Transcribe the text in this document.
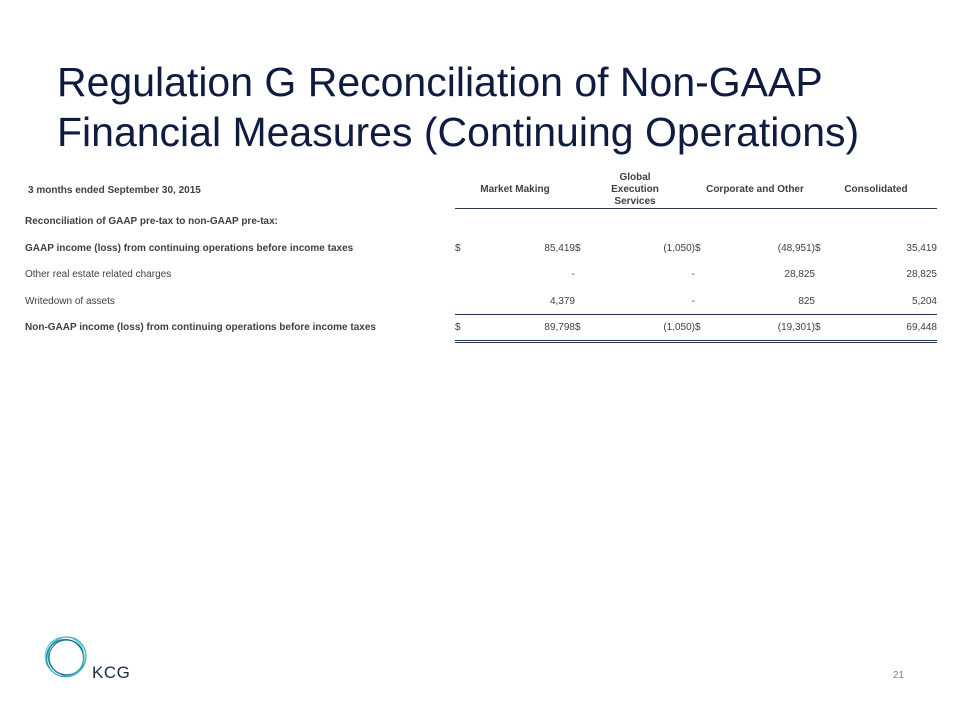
Regulation G Reconciliation of Non-GAAP
Financial Measures (Continuing Operations)
3 months ended September 30, 2015	Market Making	Global Execution Services	Corporate and Other	Consolidated
Reconciliation of GAAP pre-tax to non-GAAP pre-tax:				
GAAP income (loss) from continuing operations before income taxes	$ 85,419	$ (1,050)	$ (48,951)	$ 35,419

Other real estate related charges	-	-	28,825	28,825

Writedown of assets	4,379	-	825	5,204

Non-GAAP income (loss) from continuing operations before income taxes	$ 89,798	$ (1,050)	$ (19,301)	$ 69,448
KCG	21
